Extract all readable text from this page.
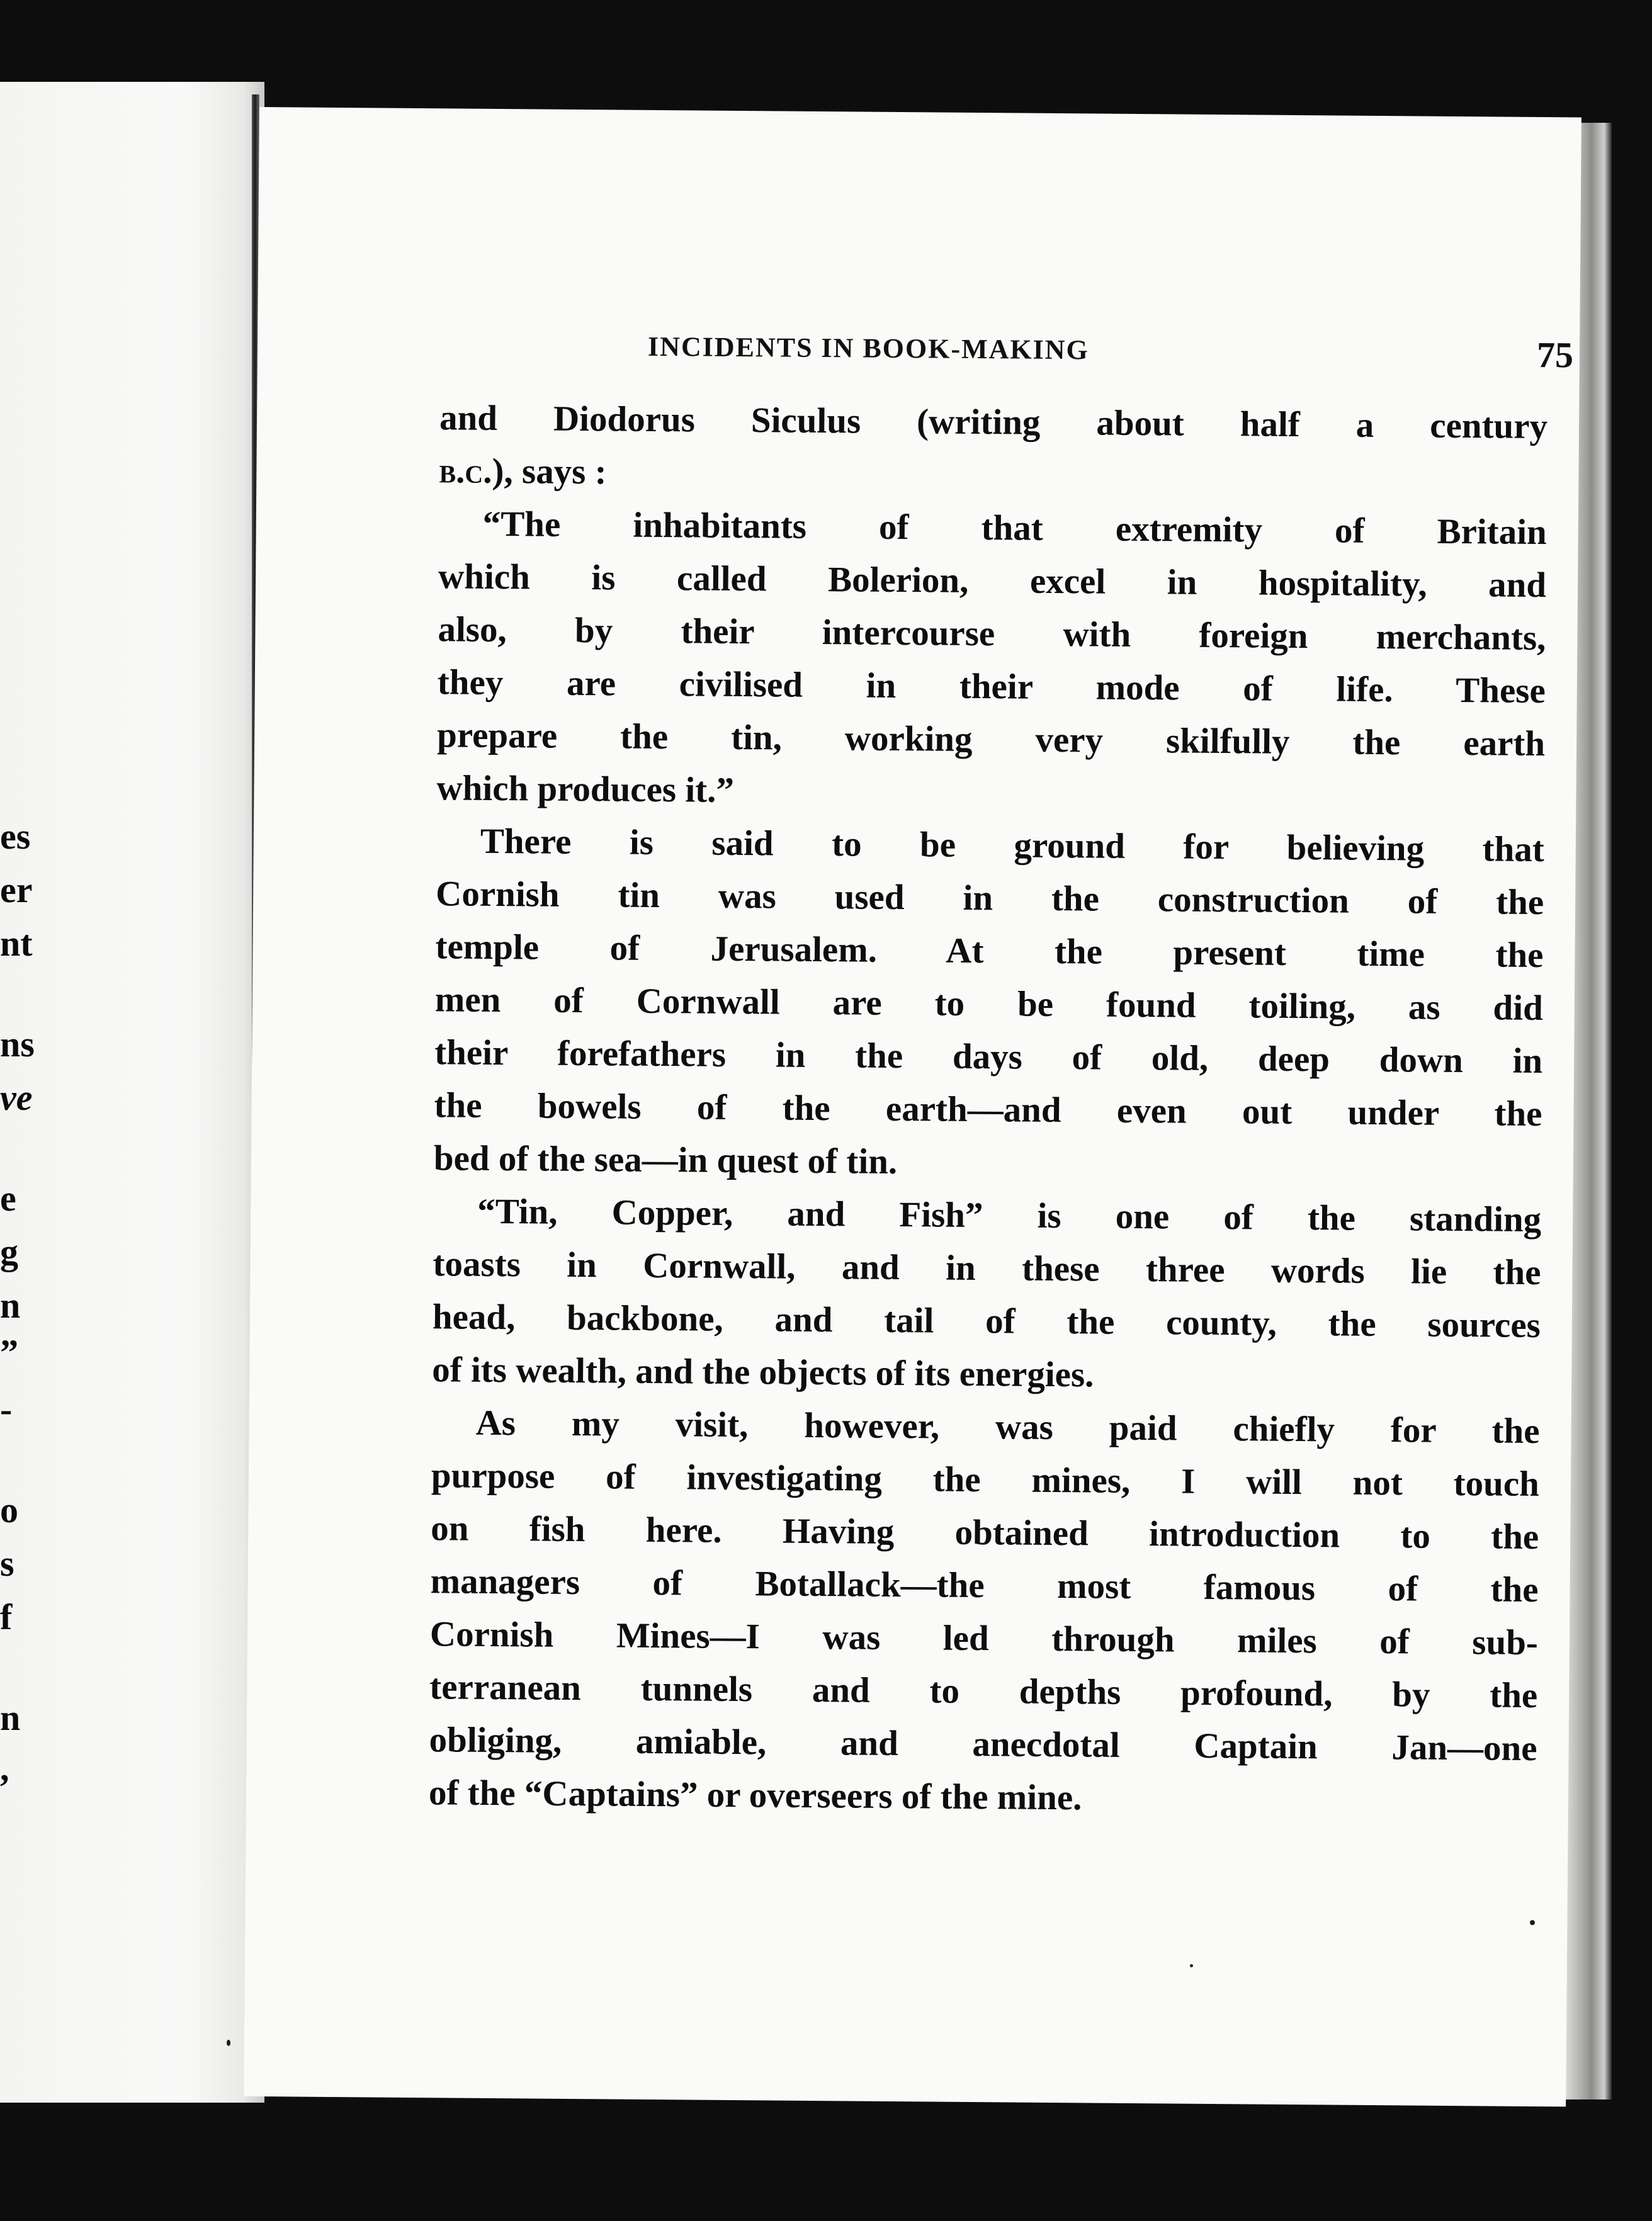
es
er
nt
ns
ve
e
g
n
”
-
o
s
f
n
,
INCIDENTS IN BOOK-MAKING	75
and Diodorus Siculus (writing about half a century
b.c.), says :
“The inhabitants of that extremity of Britain
which is called Bolerion, excel in hospitality, and
also, by their intercourse with foreign merchants,
they are civilised in their mode of life. These
prepare the tin, working very skilfully the earth
which produces it.”
There is said to be ground for believing that
Cornish tin was used in the construction of the
temple of Jerusalem. At the present time the
men of Cornwall are to be found toiling, as did
their forefathers in the days of old, deep down in
the bowels of the earth—and even out under the
bed of the sea—in quest of tin.
“Tin, Copper, and Fish” is one of the standing
toasts in Cornwall, and in these three words lie the
head, backbone, and tail of the county, the sources
of its wealth, and the objects of its energies.
As my visit, however, was paid chiefly for the
purpose of investigating the mines, I will not touch
on fish here. Having obtained introduction to the
managers of Botallack—the most famous of the
Cornish Mines—I was led through miles of sub-
terranean tunnels and to depths profound, by the
obliging, amiable, and anecdotal Captain Jan—one
of the “Captains” or overseers of the mine.
